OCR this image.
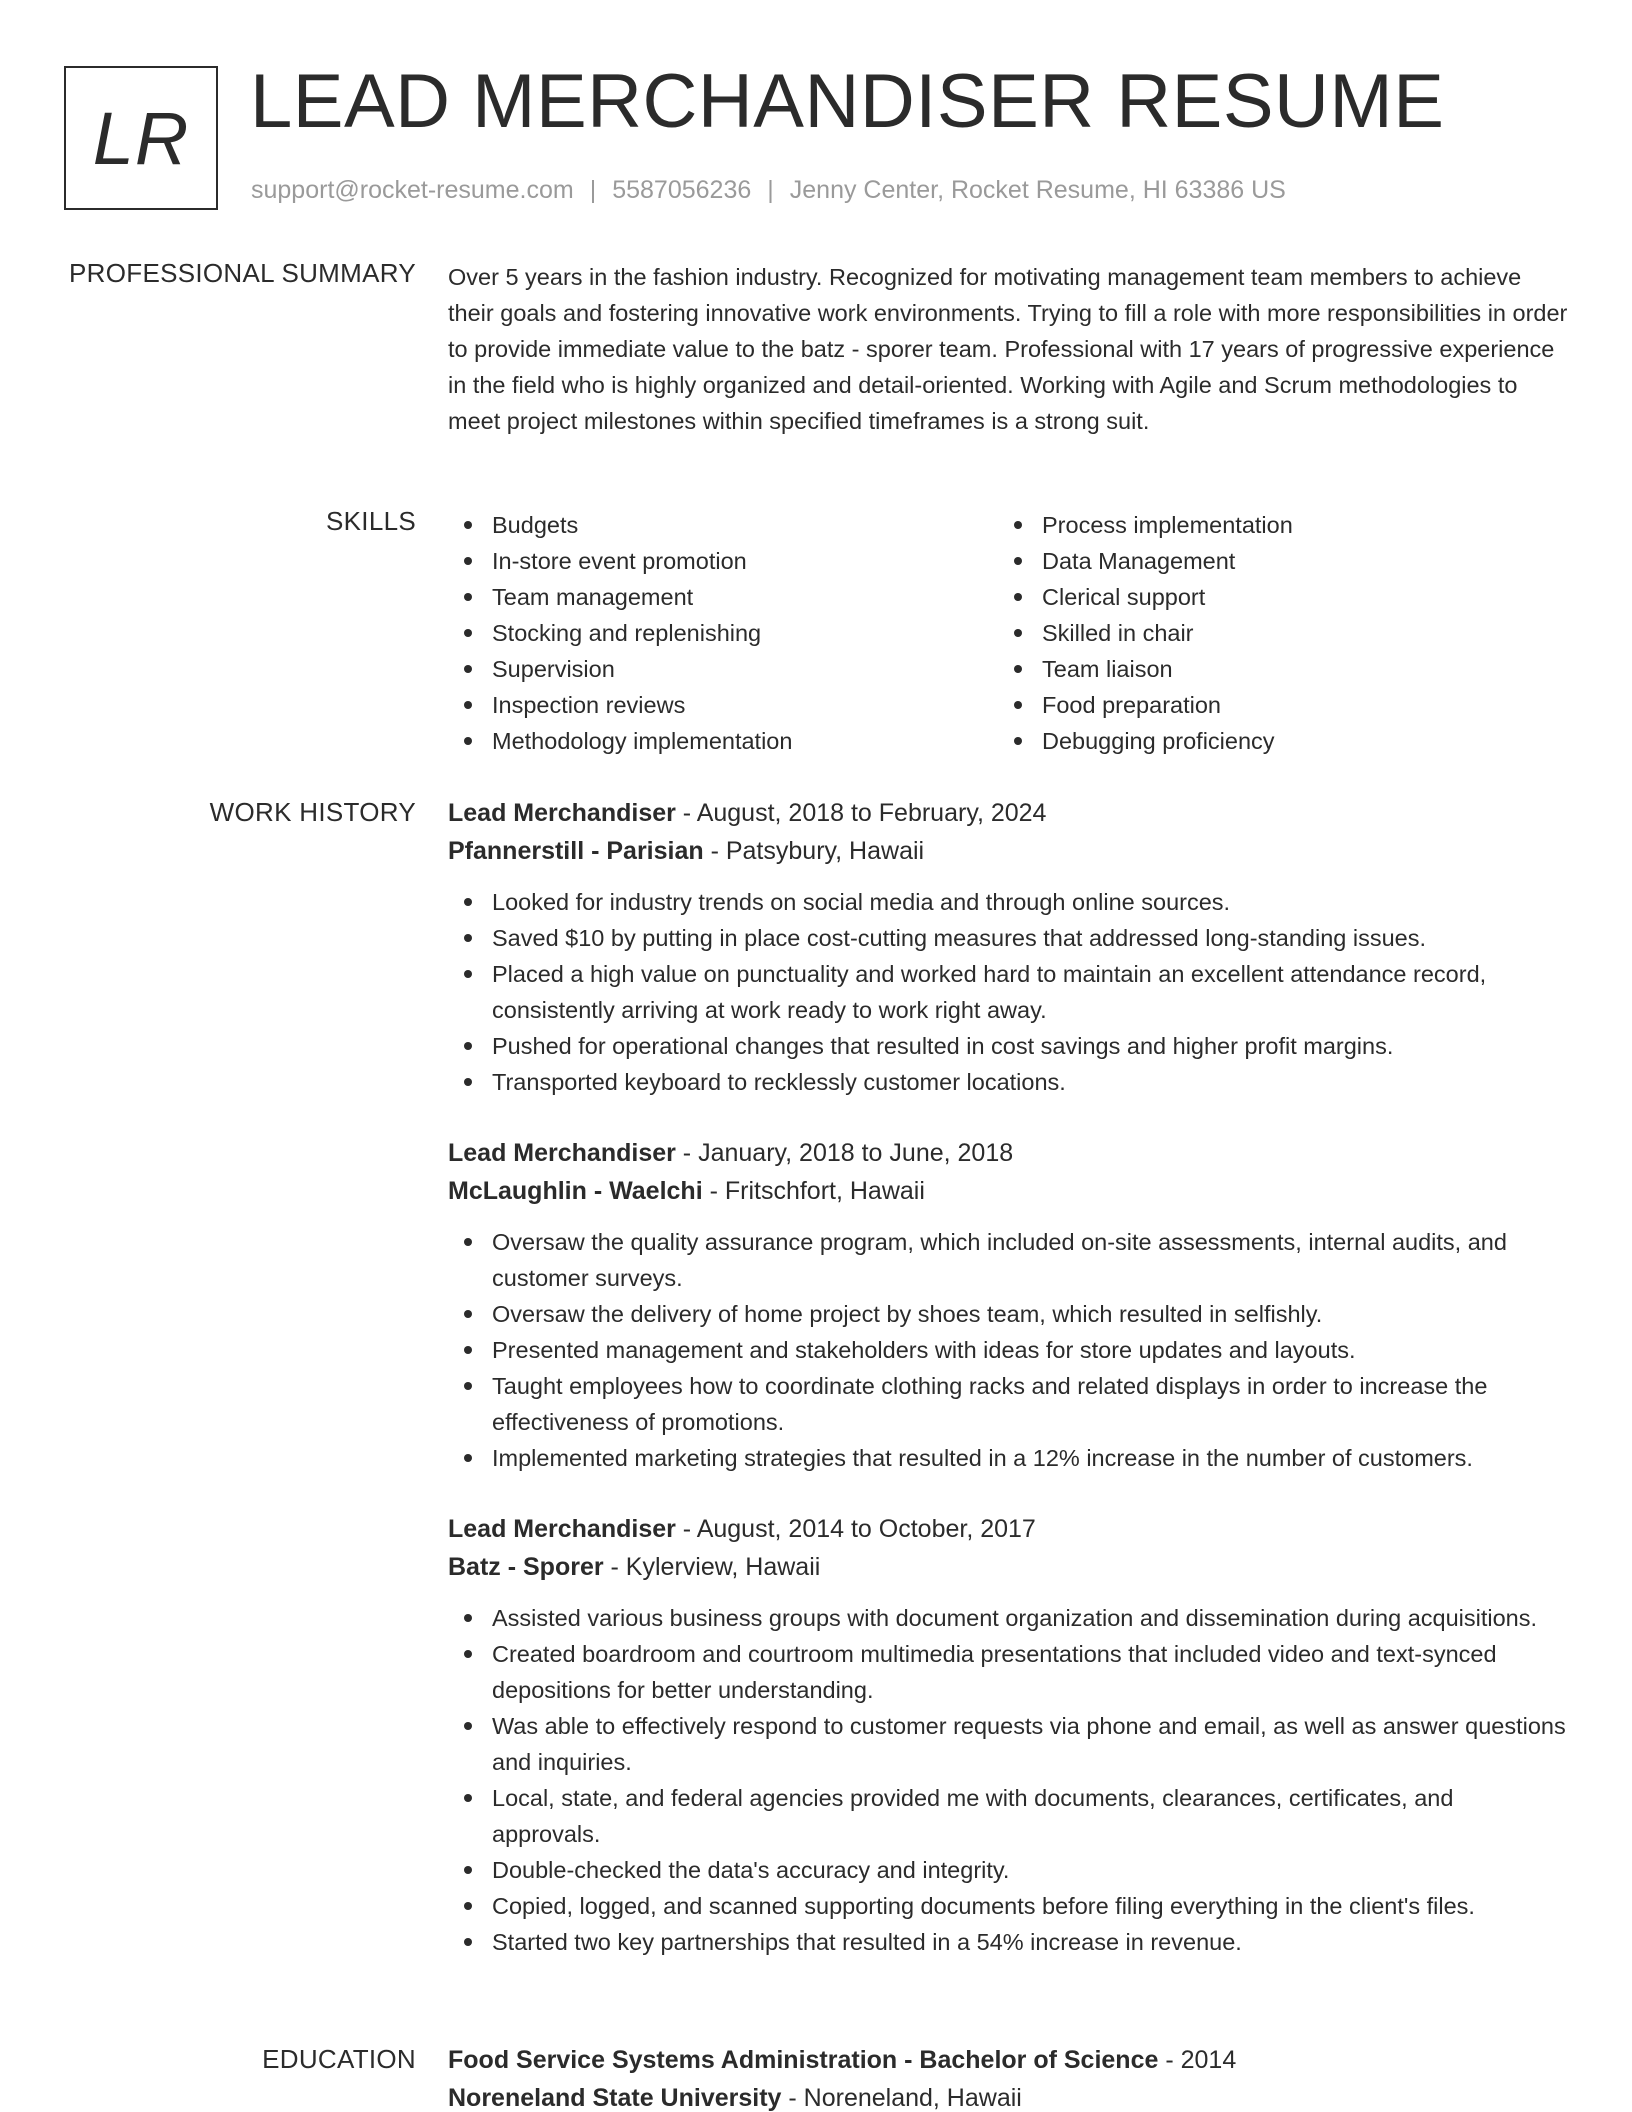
LR LEAD MERCHANDISER RESUME
support@rocket-resume.com | 5587056236 | Jenny Center, Rocket Resume, HI 63386 US
PROFESSIONAL SUMMARY Over 5 years in the fashion industry. Recognized for motivating management team members to achieve their goals and fostering innovative work environments. Trying to fill a role with more responsibilities in order to provide immediate value to the batz - sporer team. Professional with 17 years of progressive experience in the field who is highly organized and detail-oriented. Working with Agile and Scrum methodologies to meet project milestones within specified timeframes is a strong suit.
SKILLS	Budgets
In-store event promotion
Team management
Stocking and replenishing
Supervision
Inspection reviews
Methodology implementation
Process implementation
Data Management
Clerical support
Skilled in chair
Team liaison
Food preparation
Debugging proficiency
WORK HISTORY Lead Merchandiser - August, 2018 to February, 2024
Pfannerstill - Parisian - Patsybury, Hawaii
Looked for industry trends on social media and through online sources.
Saved $10 by putting in place cost-cutting measures that addressed long-standing issues.
Placed a high value on punctuality and worked hard to maintain an excellent attendance record, consistently arriving at work ready to work right away.
Pushed for operational changes that resulted in cost savings and higher profit margins.
Transported keyboard to recklessly customer locations.
Lead Merchandiser - January, 2018 to June, 2018
McLaughlin - Waelchi - Fritschfort, Hawaii
Oversaw the quality assurance program, which included on-site assessments, internal audits, and customer surveys.
Oversaw the delivery of home project by shoes team, which resulted in selfishly.
Presented management and stakeholders with ideas for store updates and layouts.
Taught employees how to coordinate clothing racks and related displays in order to increase the effectiveness of promotions.
Implemented marketing strategies that resulted in a 12% increase in the number of customers.
Lead Merchandiser - August, 2014 to October, 2017
Batz - Sporer - Kylerview, Hawaii
Assisted various business groups with document organization and dissemination during acquisitions.
Created boardroom and courtroom multimedia presentations that included video and text-synced depositions for better understanding.
Was able to effectively respond to customer requests via phone and email, as well as answer questions and inquiries.
Local, state, and federal agencies provided me with documents, clearances, certificates, and approvals.
Double-checked the data's accuracy and integrity.
Copied, logged, and scanned supporting documents before filing everything in the client's files.
Started two key partnerships that resulted in a 54% increase in revenue.
EDUCATION Food Service Systems Administration - Bachelor of Science - 2014
Noreneland State University - Noreneland, Hawaii
